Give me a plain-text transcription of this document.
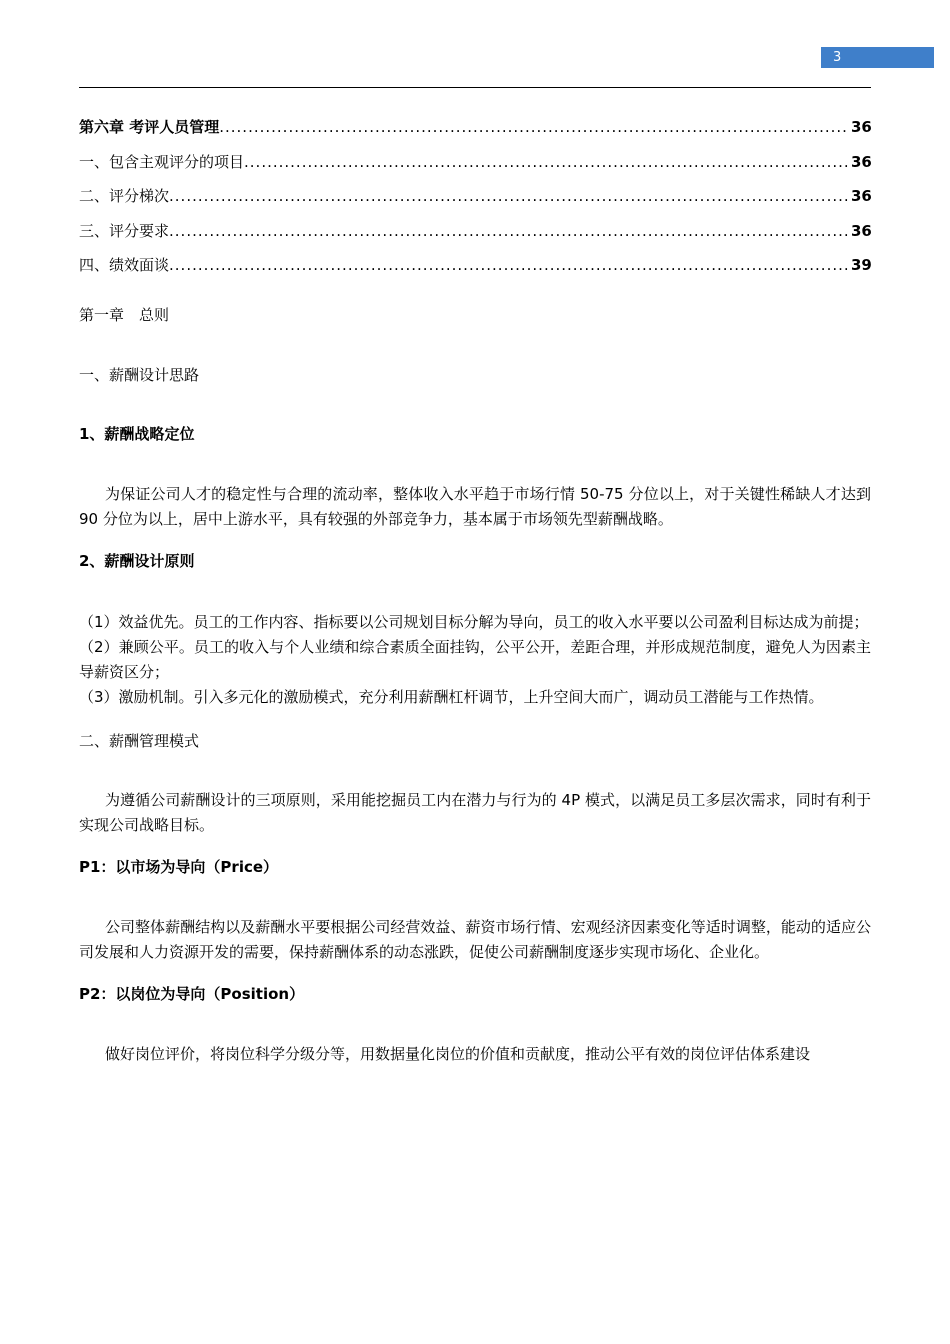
3
第六章 考评人员管理 .....	36
一、包含主观评分的项目 .....	36
二、评分梯次 .....	36
三、评分要求 .....	36
四、绩效面谈 .....	39

第一章　总则

一、薪酬设计思路

1、薪酬战略定位

为保证公司人才的稳定性与合理的流动率，整体收入水平趋于市场行情 50-75 分位以上，对于关键性稀缺人才达到 90 分位为以上，居中上游水平，具有较强的外部竞争力，基本属于市场领先型薪酬战略。

2、薪酬设计原则

（1）效益优先。员工的工作内容、指标要以公司规划目标分解为导向，员工的收入水平要以公司盈利目标达成为前提；

（2）兼顾公平。员工的收入与个人业绩和综合素质全面挂钩，公平公开，差距合理，并形成规范制度，避免人为因素主导薪资区分；

（3）激励机制。引入多元化的激励模式，充分利用薪酬杠杆调节，上升空间大而广，调动员工潜能与工作热情。

二、薪酬管理模式

为遵循公司薪酬设计的三项原则，采用能挖掘员工内在潜力与行为的 4P 模式，以满足员工多层次需求，同时有利于实现公司战略目标。

P1：以市场为导向（Price）

公司整体薪酬结构以及薪酬水平要根据公司经营效益、薪资市场行情、宏观经济因素变化等适时调整，能动的适应公司发展和人力资源开发的需要，保持薪酬体系的动态涨跌，促使公司薪酬制度逐步实现市场化、企业化。

P2：以岗位为导向（Position）

做好岗位评价，将岗位科学分级分等，用数据量化岗位的价值和贡献度，推动公平有效的岗位评估体系建设
